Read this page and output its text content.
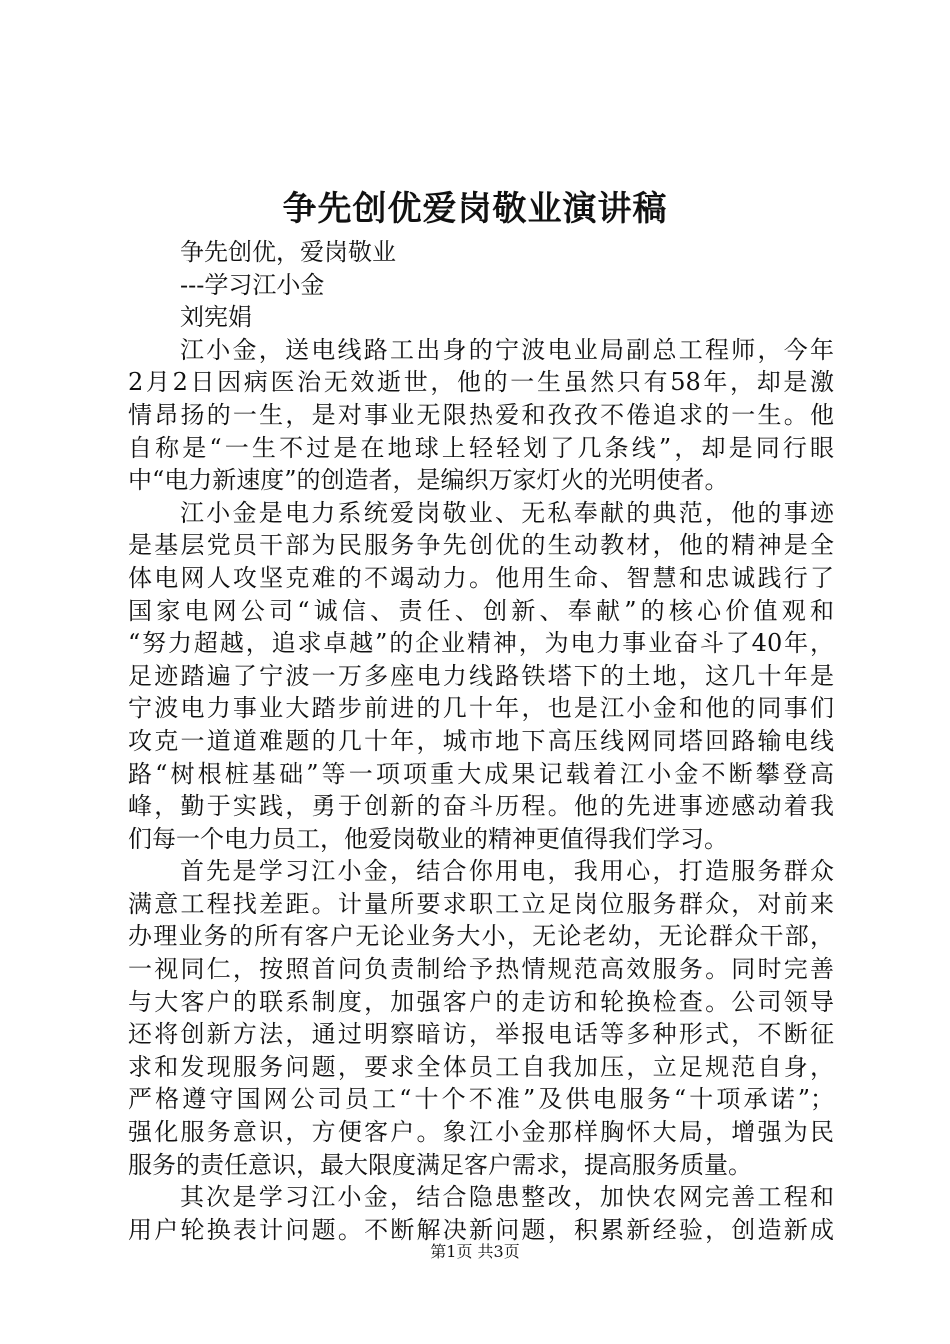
争先创优爱岗敬业演讲稿
争先创优，爱岗敬业
---学习江小金
刘宪娟
江小金，送电线路工出身的宁波电业局副总工程师，今年
2月2日因病医治无效逝世，他的一生虽然只有58年，却是激
情昂扬的一生，是对事业无限热爱和孜孜不倦追求的一生。他
自称是“一生不过是在地球上轻轻划了几条线”，却是同行眼
中“电力新速度”的创造者，是编织万家灯火的光明使者。
江小金是电力系统爱岗敬业、无私奉献的典范，他的事迹
是基层党员干部为民服务争先创优的生动教材，他的精神是全
体电网人攻坚克难的不竭动力。他用生命、智慧和忠诚践行了
国家电网公司“诚信、责任、创新、奉献”的核心价值观和
“努力超越，追求卓越”的企业精神，为电力事业奋斗了40年，
足迹踏遍了宁波一万多座电力线路铁塔下的土地，这几十年是
宁波电力事业大踏步前进的几十年，也是江小金和他的同事们
攻克一道道难题的几十年，城市地下高压线网同塔回路输电线
路“树根桩基础”等一项项重大成果记载着江小金不断攀登高
峰，勤于实践，勇于创新的奋斗历程。他的先进事迹感动着我
们每一个电力员工，他爱岗敬业的精神更值得我们学习。
首先是学习江小金，结合你用电，我用心，打造服务群众
满意工程找差距。计量所要求职工立足岗位服务群众，对前来
办理业务的所有客户无论业务大小，无论老幼，无论群众干部，
一视同仁，按照首问负责制给予热情规范高效服务。同时完善
与大客户的联系制度，加强客户的走访和轮换检查。公司领导
还将创新方法，通过明察暗访，举报电话等多种形式，不断征
求和发现服务问题，要求全体员工自我加压，立足规范自身，
严格遵守国网公司员工“十个不准”及供电服务“十项承诺”；
强化服务意识，方便客户。象江小金那样胸怀大局，增强为民
服务的责任意识，最大限度满足客户需求，提高服务质量。
其次是学习江小金，结合隐患整改，加快农网完善工程和
用户轮换表计问题。不断解决新问题，积累新经验，创造新成
第1页 共3页
